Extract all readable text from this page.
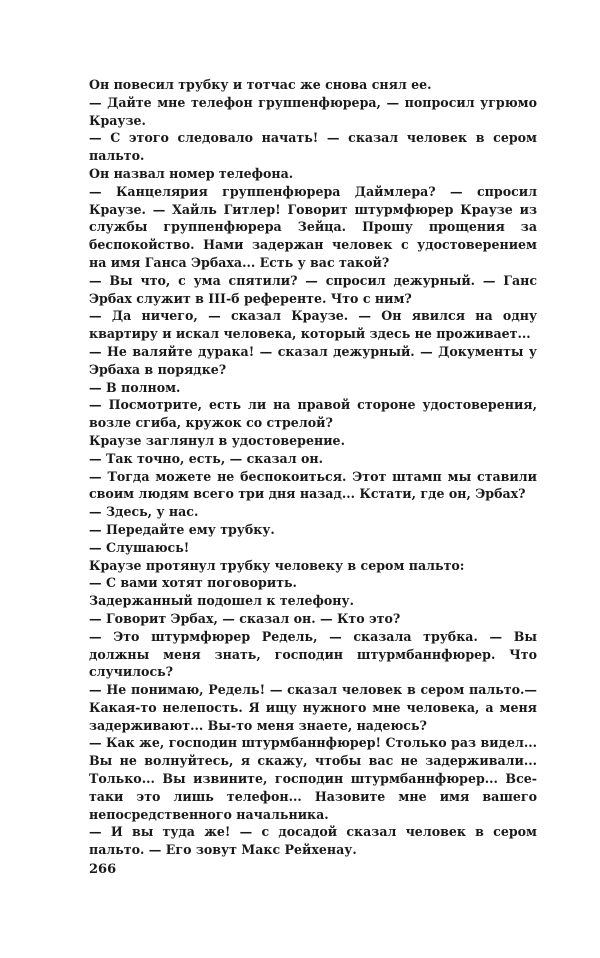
Он повесил трубку и тотчас же снова снял ее.

— Дайте мне телефон группенфюрера, — попросил угрюмо Краузе.

— С этого следовало начать! — сказал человек в сером пальто.

Он назвал номер телефона.

— Канцелярия группенфюрера Даймлера? — спросил Краузе. — Хайль Гитлер! Говорит штурмфюрер Краузе из службы группенфюрера Зейца. Прошу прощения за беспокойство. Нами задержан человек с удостоверением на имя Ганса Эрбаха... Есть у вас такой?

— Вы что, с ума спятили? — спросил дежурный. — Ганс Эрбах служит в III-б референте. Что с ним?

— Да ничего, — сказал Краузе. — Он явился на одну квартиру и искал человека, который здесь не проживает...

— Не валяйте дурака! — сказал дежурный. — Документы у Эрбаха в порядке?

— В полном.

— Посмотрите, есть ли на правой стороне удостоверения, возле сгиба, кружок со стрелой?

Краузе заглянул в удостоверение.

— Так точно, есть, — сказал он.

— Тогда можете не беспокоиться. Этот штамп мы ставили своим людям всего три дня назад... Кстати, где он, Эрбах?

— Здесь, у нас.

— Передайте ему трубку.

— Слушаюсь!

Краузе протянул трубку человеку в сером пальто:

— С вами хотят поговорить.

Задержанный подошел к телефону.

— Говорит Эрбах, — сказал он. — Кто это?

— Это штурмфюрер Редель, — сказала трубка. — Вы должны меня знать, господин штурмбаннфюрер. Что случилось?

— Не понимаю, Редель! — сказал человек в сером пальто.— Какая-то нелепость. Я ищу нужного мне человека, а меня задерживают... Вы-то меня знаете, надеюсь?

— Как же, господин штурмбаннфюрер! Столько раз видел... Вы не волнуйтесь, я скажу, чтобы вас не задерживали... Только... Вы извините, господин штурмбаннфюрер... Все-таки это лишь телефон... Назовите мне имя вашего непосредственного начальника.

— И вы туда же! — с досадой сказал человек в сером пальто. — Его зовут Макс Рейхенау.

266
